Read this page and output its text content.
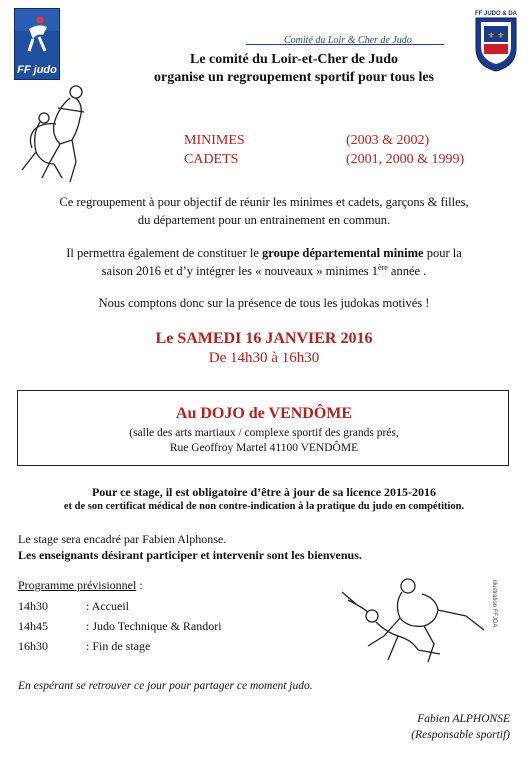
FF judo
Comité du Loir & Cher de Judo
FF JUDO & DA
⚜ ⚜
Le comité du Loir-et-Cher de Judo
organise un regroupement sportif pour tous les
MINIMES	(2003 & 2002)
CADETS	(2001, 2000 & 1999)
Ce regroupement à pour objectif de réunir les minimes et cadets, garçons & filles,
du département pour un entrainement en commun.
Il permettra également de constituer le groupe départemental minime pour la
saison 2016 et d’y intégrer les « nouveaux » minimes 1ère année .
Nous comptons donc sur la présence de tous les judokas motivés !
Le SAMEDI 16 JANVIER 2016
De 14h30 à 16h30
Au DOJO de VENDÔME
(salle des arts martiaux / complexe sportif des grands prés,
Rue Geoffroy Martel 41100 VENDÔME
Pour ce stage, il est obligatoire d’être à jour de sa licence 2015-2016
et de son certificat médical de non contre-indication à la pratique du judo en compétition.
Le stage sera encadré par Fabien Alphonse.
Les enseignants désirant participer et intervenir sont les bienvenus.
Programme prévisionnel :
14h30	: Accueil
14h45	: Judo Technique & Randori
16h30	: Fin de stage
illustration FFJDA
En espérant se retrouver ce jour pour partager ce moment judo.
Fabien ALPHONSE
(Responsable sportif)
